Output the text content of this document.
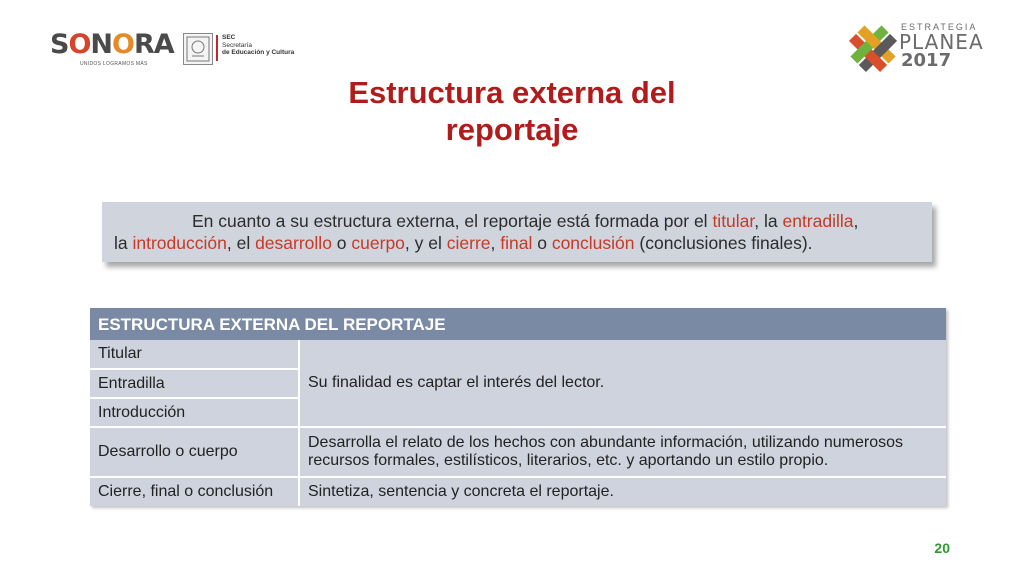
SONORA
UNIDOS LOGRAMOS MÁS
SEC
Secretaría
de Educación y Cultura
ESTRATEGIA
PLANEA
2017
Estructura externa del
reportaje
En cuanto a su estructura externa, el reportaje está formada por el titular, la entradilla,
la introducción, el desarrollo o cuerpo, y el cierre, final o conclusión (conclusiones finales).
ESTRUCTURA EXTERNA DEL REPORTAJE
Titular
Entradilla
Introducción
Desarrollo o cuerpo
Cierre, final o conclusión
Su finalidad es captar el interés del lector.
Desarrolla el relato de los hechos con abundante información, utilizando numerosos
recursos formales, estilísticos, literarios, etc. y aportando un estilo propio.
Sintetiza, sentencia y concreta el reportaje.
20
